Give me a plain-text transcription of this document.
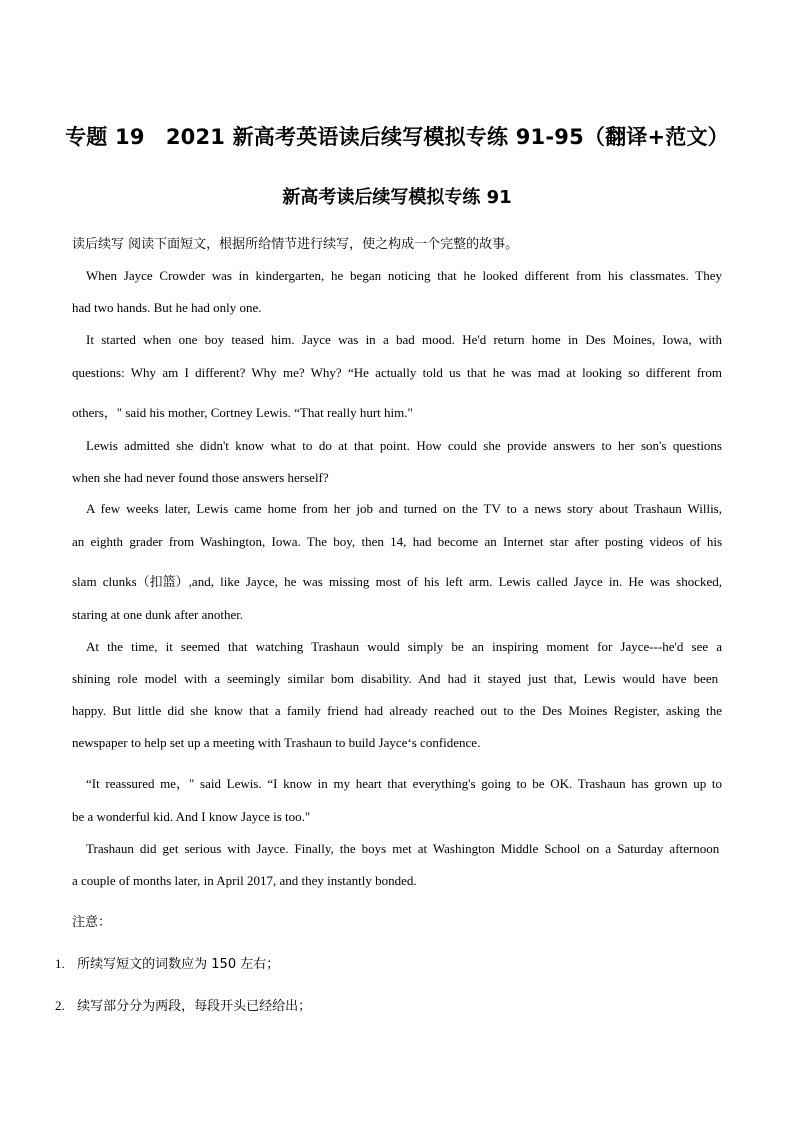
专题 19　2021 新高考英语读后续写模拟专练 91-95（翻译+范文）
新高考读后续写模拟专练 91
读后续写 阅读下面短文，根据所给情节进行续写，使之构成一个完整的故事。
When Jayce Crowder was in kindergarten, he began noticing that he looked different from his classmates. They
had two hands. But he had only one.
It started when one boy teased him. Jayce was in a bad mood. He'd return home in Des Moines, Iowa, with
questions: Why am I different? Why me? Why? “He actually told us that he was mad at looking so different from
others，" said his mother, Cortney Lewis. “That really hurt him."
Lewis admitted she didn't know what to do at that point. How could she provide answers to her son's questions
when she had never found those answers herself?
A few weeks later, Lewis came home from her job and turned on the TV to a news story about Trashaun Willis,
an eighth grader from Washington, Iowa. The boy, then 14, had become an Internet star after posting videos of his
slam clunks（扣篮）,and, like Jayce, he was missing most of his left arm. Lewis called Jayce in. He was shocked,
staring at one dunk after another.
At the time, it seemed that watching Trashaun would simply be an inspiring moment for Jayce---he'd see a
shining role model with a seemingly similar bom disability. And had it stayed just that, Lewis would have been
happy. But little did she know that a family friend had already reached out to the Des Moines Register, asking the
newspaper to help set up a meeting with Trashaun to build Jayce‘s confidence.
“It reassured me，" said Lewis. “I know in my heart that everything's going to be OK. Trashaun has grown up to
be a wonderful kid. And I know Jayce is too."
Trashaun did get serious with Jayce. Finally, the boys met at Washington Middle School on a Saturday afternoon
a couple of months later, in April 2017, and they instantly bonded.
注意：
1. 所续写短文的词数应为 150 左右；
2. 续写部分分为两段，每段开头已经给出；
